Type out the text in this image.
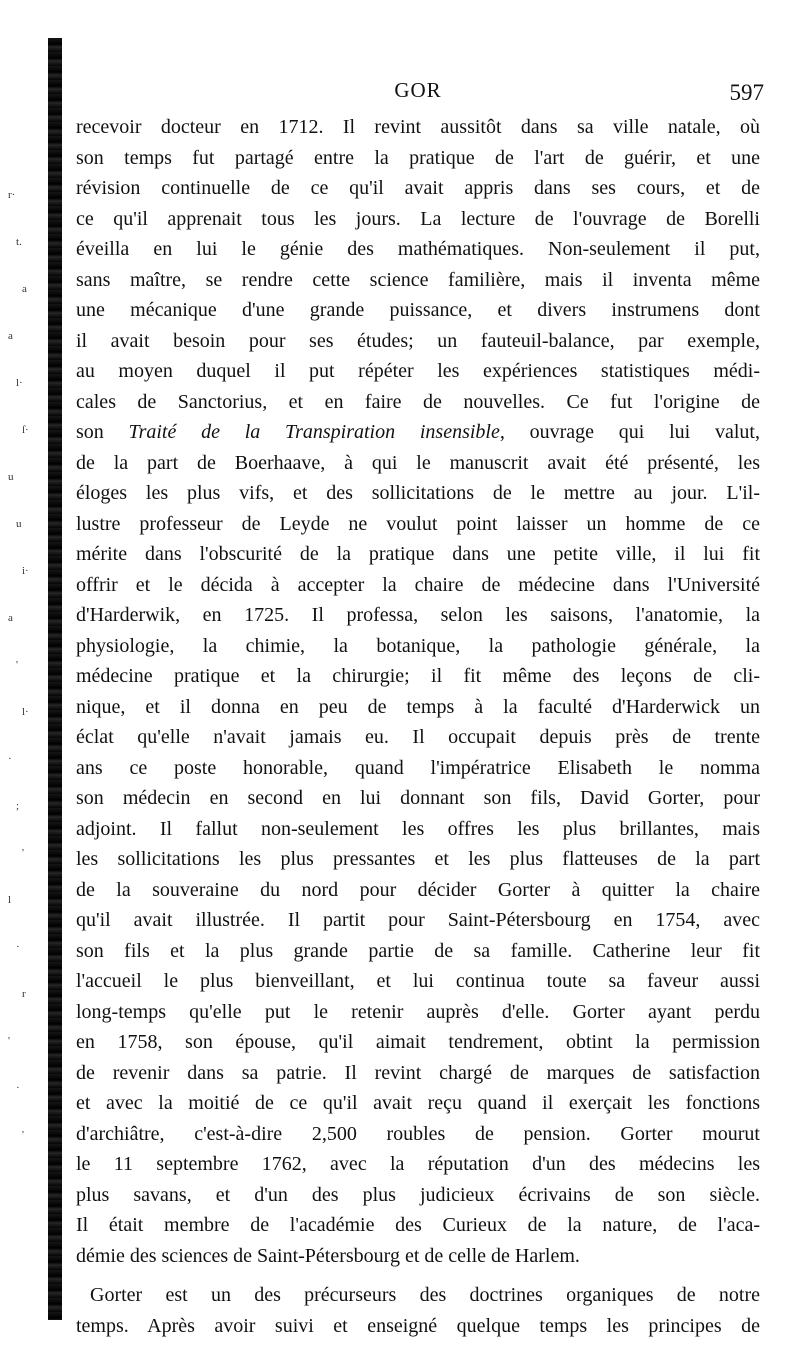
r·
t.
a
a
l·
ſ·
u
u
i·
a
'
l·
·
;
'
l
·
r
'
·
'
GOR	597
recevoir docteur en 1712. Il revint aussitôt dans sa ville natale, où
son temps fut partagé entre la pratique de l'art de guérir, et une
révision continuelle de ce qu'il avait appris dans ses cours, et de
ce qu'il apprenait tous les jours. La lecture de l'ouvrage de Borelli
éveilla en lui le génie des mathématiques. Non-seulement il put,
sans maître, se rendre cette science familière, mais il inventa même
une mécanique d'une grande puissance, et divers instrumens dont
il avait besoin pour ses études; un fauteuil-balance, par exemple,
au moyen duquel il put répéter les expériences statistiques médi-
cales de Sanctorius, et en faire de nouvelles. Ce fut l'origine de
son Traité de la Transpiration insensible, ouvrage qui lui valut,
de la part de Boerhaave, à qui le manuscrit avait été présenté, les
éloges les plus vifs, et des sollicitations de le mettre au jour. L'il-
lustre professeur de Leyde ne voulut point laisser un homme de ce
mérite dans l'obscurité de la pratique dans une petite ville, il lui fit
offrir et le décida à accepter la chaire de médecine dans l'Université
d'Harderwik, en 1725. Il professa, selon les saisons, l'anatomie, la
physiologie, la chimie, la botanique, la pathologie générale, la
médecine pratique et la chirurgie; il fit même des leçons de cli-
nique, et il donna en peu de temps à la faculté d'Harderwick un
éclat qu'elle n'avait jamais eu. Il occupait depuis près de trente
ans ce poste honorable, quand l'impératrice Elisabeth le nomma
son médecin en second en lui donnant son fils, David Gorter, pour
adjoint. Il fallut non-seulement les offres les plus brillantes, mais
les sollicitations les plus pressantes et les plus flatteuses de la part
de la souveraine du nord pour décider Gorter à quitter la chaire
qu'il avait illustrée. Il partit pour Saint-Pétersbourg en 1754, avec
son fils et la plus grande partie de sa famille. Catherine leur fit
l'accueil le plus bienveillant, et lui continua toute sa faveur aussi
long-temps qu'elle put le retenir auprès d'elle. Gorter ayant perdu
en 1758, son épouse, qu'il aimait tendrement, obtint la permission
de revenir dans sa patrie. Il revint chargé de marques de satisfaction
et avec la moitié de ce qu'il avait reçu quand il exerçait les fonctions
d'archiâtre, c'est-à-dire 2,500 roubles de pension. Gorter mourut
le 11 septembre 1762, avec la réputation d'un des médecins les
plus savans, et d'un des plus judicieux écrivains de son siècle.
Il était membre de l'académie des Curieux de la nature, de l'aca-
démie des sciences de Saint-Pétersbourg et de celle de Harlem.
Gorter est un des précurseurs des doctrines organiques de notre
temps. Après avoir suivi et enseigné quelque temps les principes de
